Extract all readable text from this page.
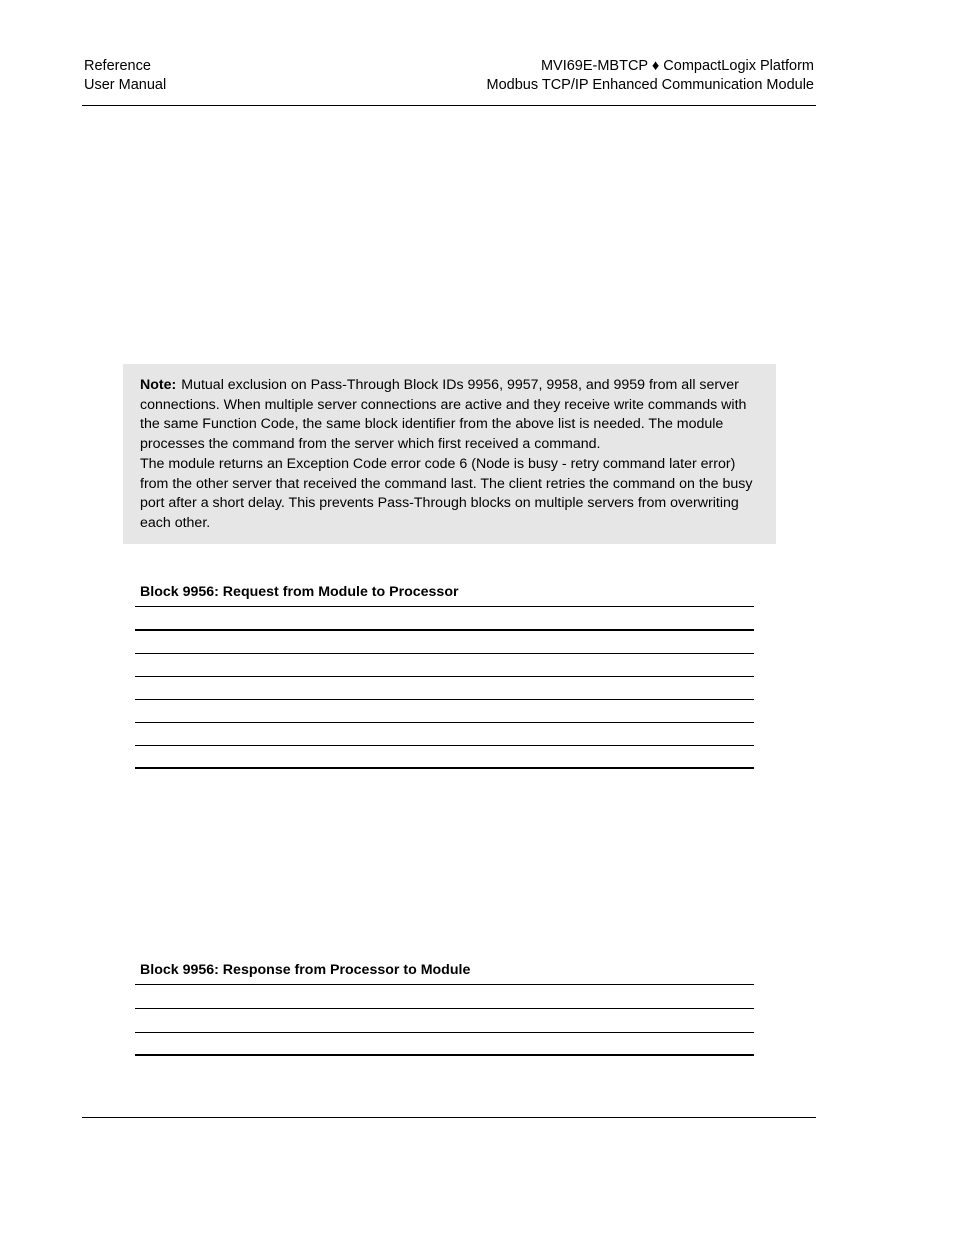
Reference
User Manual
MVI69E-MBTCP ♦ CompactLogix Platform
Modbus TCP/IP Enhanced Communication Module

Note: Mutual exclusion on Pass-Through Block IDs 9956, 9957, 9958, and 9959 from all server connections. When multiple server connections are active and they receive write commands with the same Function Code, the same block identifier from the above list is needed. The module processes the command from the server which first received a command.

The module returns an Exception Code error code 6 (Node is busy - retry command later error) from the other server that received the command last. The client retries the command on the busy port after a short delay. This prevents Pass-Through blocks on multiple servers from overwriting each other.

Block 9956: Request from Module to Processor
Block 9956: Response from Processor to Module
